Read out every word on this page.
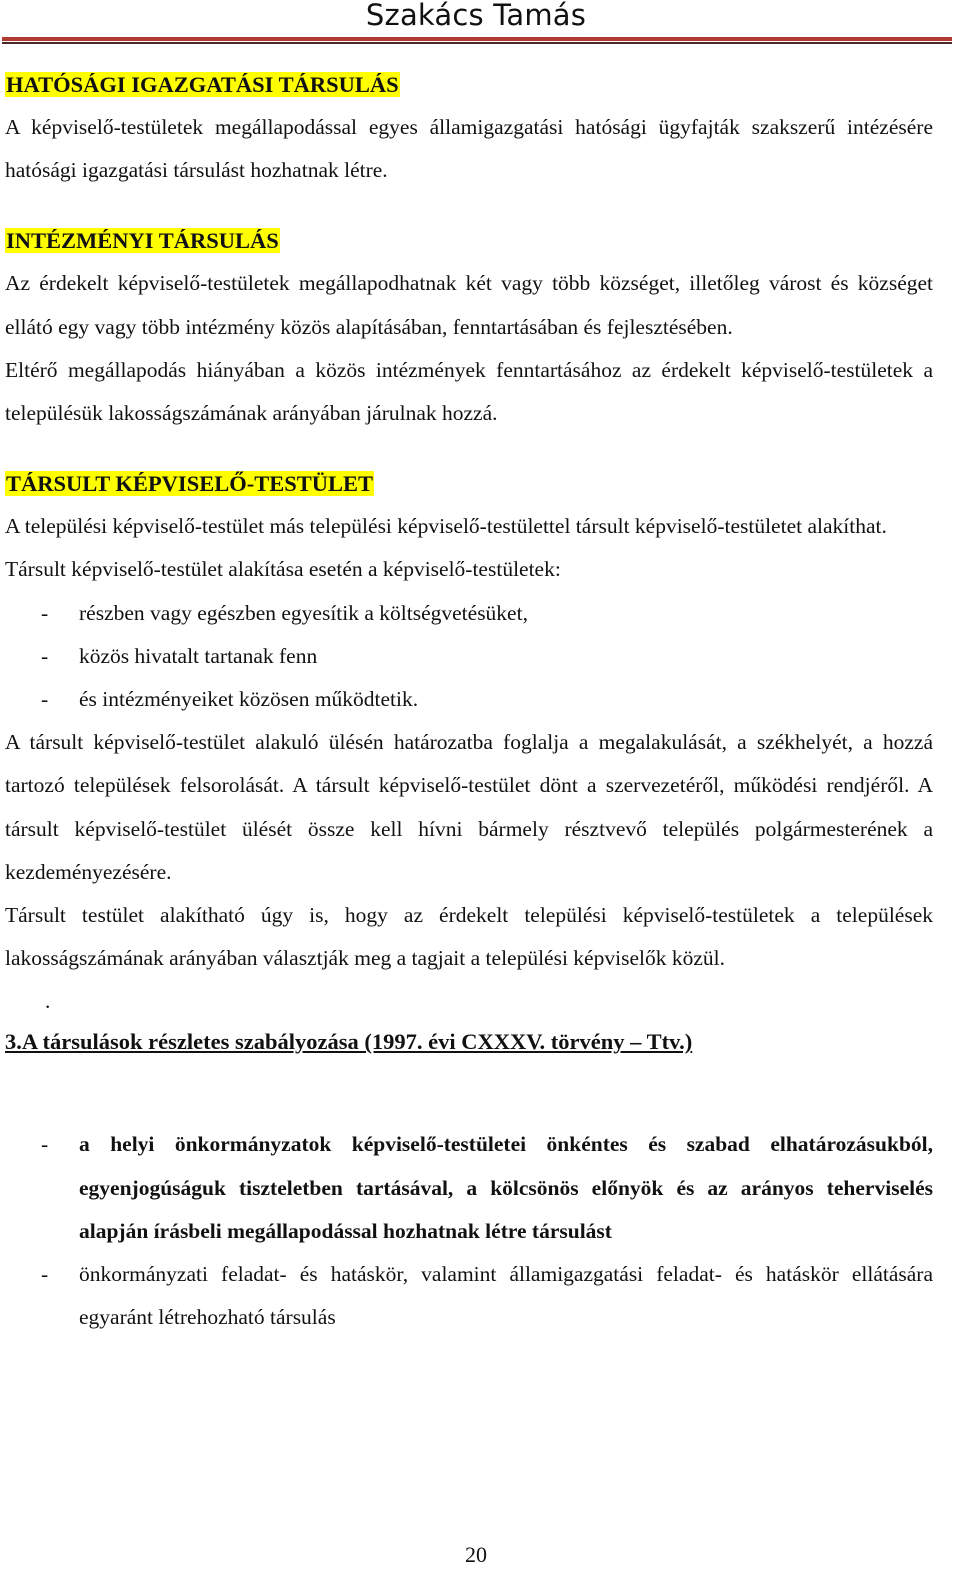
Szakács Tamás
HATÓSÁGI IGAZGATÁSI TÁRSULÁS

A képviselő-testületek megállapodással egyes államigazgatási hatósági ügyfajták szakszerű intézésére hatósági igazgatási társulást hozhatnak létre.

INTÉZMÉNYI TÁRSULÁS

Az érdekelt képviselő-testületek megállapodhatnak két vagy több községet, illetőleg várost és községet ellátó egy vagy több intézmény közös alapításában, fenntartásában és fejlesztésében.

Eltérő megállapodás hiányában a közös intézmények fenntartásához az érdekelt képviselő-testületek a településük lakosságszámának arányában járulnak hozzá.

TÁRSULT KÉPVISELŐ-TESTÜLET

A települési képviselő-testület más települési képviselő-testülettel társult képviselő-testületet alakíthat.

Társult képviselő-testület alakítása esetén a képviselő-testületek:

- részben vagy egészben egyesítik a költségvetésüket,
- közös hivatalt tartanak fenn
- és intézményeiket közösen működtetik.

A társult képviselő-testület alakuló ülésén határozatba foglalja a megalakulását, a székhelyét, a hozzá tartozó települések felsorolását. A társult képviselő-testület dönt a szervezetéről, működési rendjéről. A társult képviselő-testület ülését össze kell hívni bármely résztvevő település polgármesterének a kezdeményezésére.

Társult testület alakítható úgy is, hogy az érdekelt települési képviselő-testületek a települések lakosságszámának arányában választják meg a tagjait a települési képviselők közül.

.
3.A társulások részletes szabályozása (1997. évi CXXXV. törvény – Ttv.)
- a helyi önkormányzatok képviselő-testületei önkéntes és szabad elhatározásukból, egyenjogúságuk tiszteletben tartásával, a kölcsönös előnyök és az arányos teherviselés alapján írásbeli megállapodással hozhatnak létre társulást
- önkormányzati feladat- és hatáskör, valamint államigazgatási feladat- és hatáskör ellátására egyaránt létrehozható társulás
20
